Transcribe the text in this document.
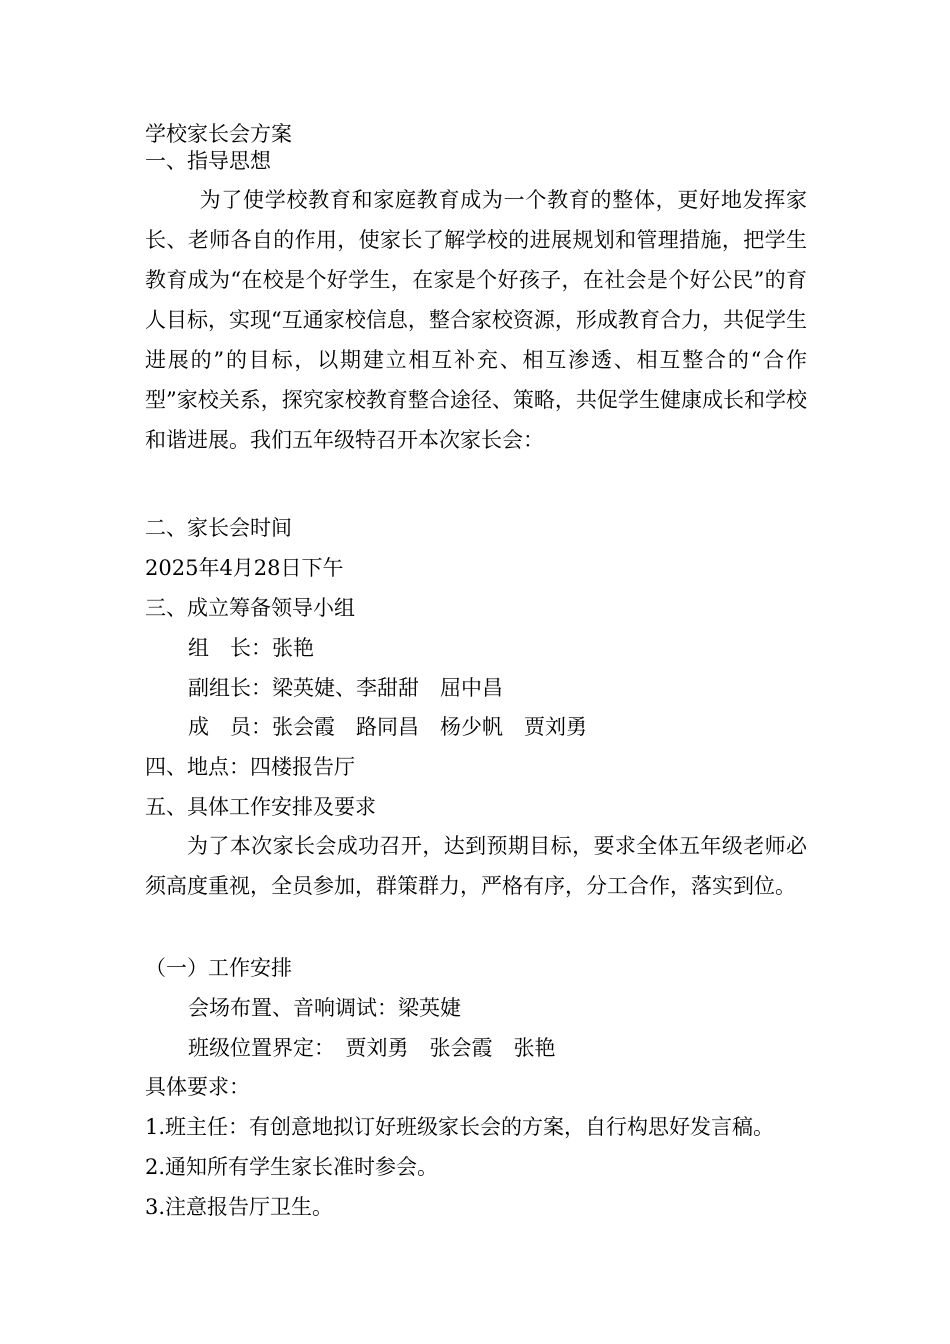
学校家长会方案
一、指导思想
为了使学校教育和家庭教育成为一个教育的整体，更好地发挥家长、老师各自的作用，使家长了解学校的进展规划和管理措施，把学生教育成为“在校是个好学生，在家是个好孩子，在社会是个好公民”的育人目标，实现“互通家校信息，整合家校资源，形成教育合力，共促学生进展的”的目标，以期建立相互补充、相互渗透、相互整合的“合作型”家校关系，探究家校教育整合途径、策略，共促学生健康成长和学校和谐进展。我们五年级特召开本次家长会：
二、家长会时间
2025年4月28日下午
三、成立筹备领导小组
组　长：张艳
副组长：梁英婕、李甜甜　屈中昌
成　员：张会霞　路同昌　杨少帆　贾刘勇
四、地点：四楼报告厅
五、具体工作安排及要求
为了本次家长会成功召开，达到预期目标，要求全体五年级老师必须高度重视，全员参加，群策群力，严格有序，分工合作，落实到位。
（一）工作安排
会场布置、音响调试：梁英婕
班级位置界定：　贾刘勇　张会霞　张艳
具体要求：
1.班主任：有创意地拟订好班级家长会的方案，自行构思好发言稿。
2.通知所有学生家长准时参会。
3.注意报告厅卫生。
